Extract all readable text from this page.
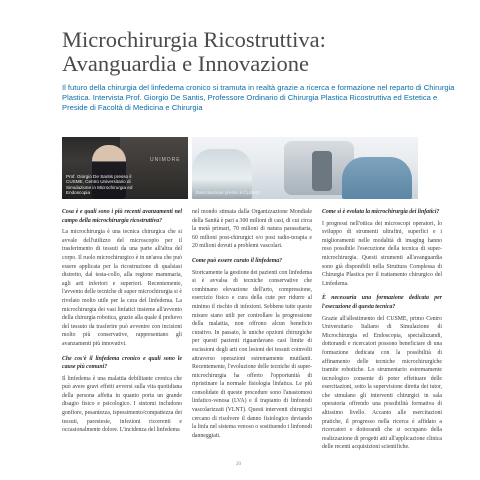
Microchirurgia Ricostruttiva:
Avanguardia e Innovazione

Il futuro della chirurgia del linfedema cronico si tramuta in realtà grazie a ricerca e formazione nel reparto di Chirurgia Plastica. Intervista Prof. Giorgio De Santis, Professore Ordinario di Chirurgia Plastica Ricostruttiva ed Estetica e Preside di Facoltà di Medicina e Chirurgia

UNIMORE
Prof. Giorgio De Santis presso il CUSME, Centro Universitario di Simulazione in Microchirurgia ed Endoscopia	Esercitazione presso il CUSME

Cosa è e quali sono i più recenti avanzamenti nel campo della microchirurgia ricostruttiva?

La microchirurgia è una tecnica chirurgica che si avvale dell'utilizzo del microscopio per il trasferimento di tessuti da una parte all'altra del corpo. Il ruolo microchirurgico è in un'area che può essere applicata per la ricostruzione di qualsiasi distretto, dal testa-collo, alla regione mammaria, agli arti inferiori e superiori. Recentemente, l'avvento delle tecniche di super microchirurgia si è rivelato molto utile per la cura del linfedema. La microchirurgia dei vasi linfatici insieme all'avvento della chirurgia robotica, grazie alla quale il prelievo del tessuto da trasferire può avvenire con incisioni molto più conservative, rappresentano gli avanzamenti più innovativi.

Che cos'è il linfedema cronico e quali sono le cause più comuni?

Il linfedema è una malattia debilitante cronica che può avere gravi effetti avversi sulla vita quotidiana della persona affetta in quanto porta un grande disagio fisico e psicologico. I sintomi includono gonfiore, pesantezza, ispessimento/compattezza dei tessuti, parestesie, infezioni ricorrenti e occasionalmente dolore. L'incidenza del linfedema

nel mondo stimata dalla Organizzazione Mondiale della Sanità è pari a 300 milioni di casi, di cui circa la metà primari, 70 milioni di natura parassitaria, 60 milioni post-chirurgici o/o post radio-terapia e 20 milioni dovuti a problemi vascolari.

Come può essere curato il linfedema?

Storicamente la gestione dei pazienti con linfedema si è avvalsa di tecniche conservative che combinano elevazione dell'arto, compressione, esercizio fisico e cura della cute per ridurre al minimo il rischio di infezioni. Sebbene tutte queste misure siano utili per controllare la progressione della malattia, non offrono alcun beneficio curativo. In passato, le uniche opzioni chirurgiche per questi pazienti riguardavano casi limite di escissioni degli arti con lesioni dei tessuti coinvolti attraverso operazioni estremamente mutilanti. Recentemente, l'evoluzione delle tecniche di super-microchirurgia ha offerto l'opportunità di ripristinare la normale fisiologia linfatica. Le più consolidate di queste procedure sono l'anastomosi linfatico-venosa (LVA) e il trapianto di linfonodi vascolarizzati (VLNT). Questi interventi chirurgici cercano di risolvere il danno fisiologico deviando la linfa nel sistema venoso o sostituendo i linfonodi danneggiati.

Come si è evoluta la microchirurgia dei linfatici?

I progressi nell'ottica dei microscopi operatori, lo sviluppo di strumenti ultrafini, superfici e i miglioramenti nelle modalità di imaging hanno reso possibile l'esecuzione della tecnica di super-microchirurgia. Questi strumenti all'avanguardia sono già disponibili nella Struttura Complessa di Chirurgia Plastica per il trattamento chirurgico del Linfedema.

È necessaria una formazione dedicata per l'esecuzione di questa tecnica?

Grazie all'allestimento del CUSME, primo Centro Universitario Italiano di Simulazione di Microchirurgia ed Endoscopia, specializzandi, dottorandi e ricercatori possono beneficiare di una formazione dedicata con la possibilità di affinamento delle tecniche microchirurgiche tramite robotiche. Lo strumentario estremamente tecnologico consente di poter effettuare delle esercitazioni, sotto la supervisione diretta dei tutor, che simulano gli interventi chirurgici in sala operatoria offrendo una possibilità formativa di altissimo livello. Accanto alle esercitazioni pratiche, il progresso nella ricerca è affidato a ricercatori e dottorandi che si occupano della realizzazione di progetti atti all'applicazione clinica delle recenti acquisizioni scientifiche.

20
